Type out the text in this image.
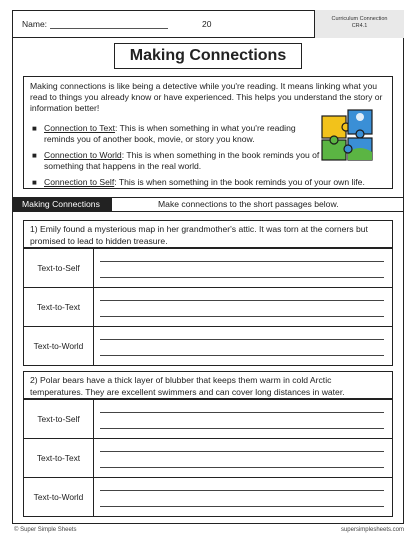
Name:	20	Curriculum Connection
CR4.1
Making Connections
Making connections is like being a detective while you're reading. It means linking what you read to things you already know or have experienced. This helps you understand the story or information better!
■ Connection to Text: This is when something in what you're reading reminds you of another book, movie, or story you know.
■ Connection to World: This is when something in the book reminds you of something that happens in the real world.
■ Connection to Self: This is when something in the book reminds you of your own life.
Making Connections	Make connections to the short passages below.
1) Emily found a mysterious map in her grandmother's attic. It was torn at the corners but promised to lead to hidden treasure.
Text-to-Self
Text-to-Text
Text-to-World
2) Polar bears have a thick layer of blubber that keeps them warm in cold Arctic temperatures. They are excellent swimmers and can cover long distances in water.
Text-to-Self
Text-to-Text
Text-to-World
© Super Simple Sheets	supersimplesheets.com
